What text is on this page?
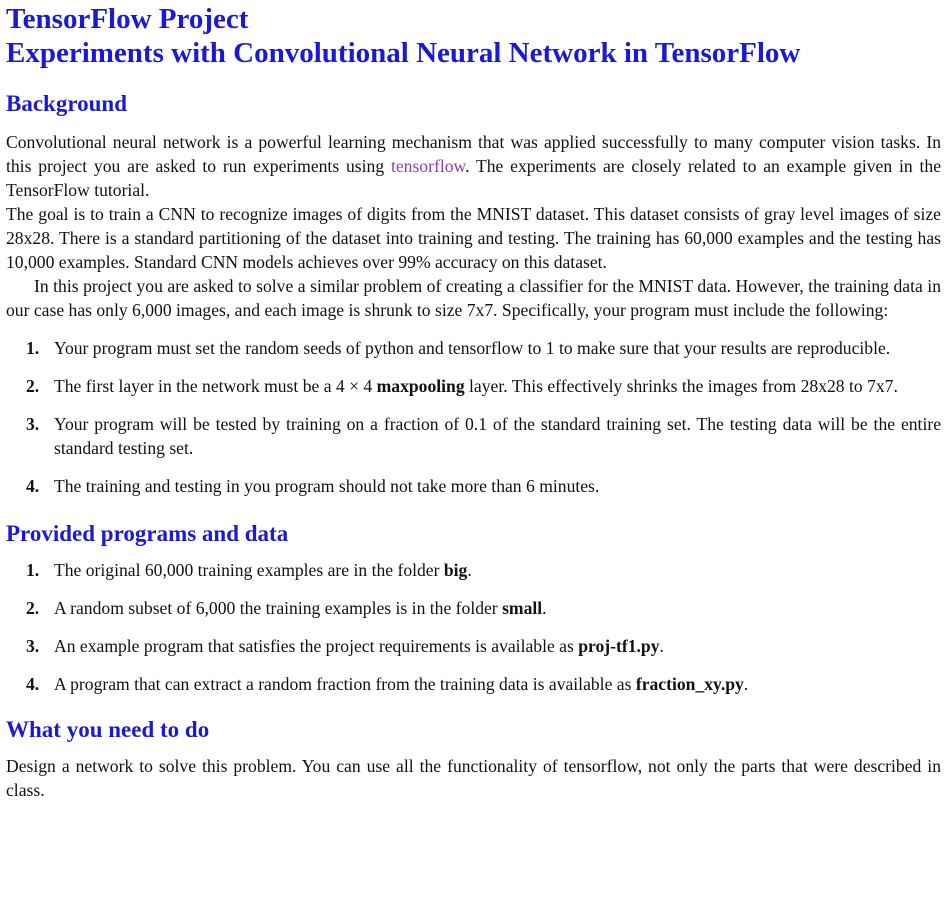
TensorFlow Project
Experiments with Convolutional Neural Network in TensorFlow
Background

Convolutional neural network is a powerful learning mechanism that was applied successfully to many computer vision tasks. In this project you are asked to run experiments using tensorflow. The experiments are closely related to an example given in the TensorFlow tutorial.

The goal is to train a CNN to recognize images of digits from the MNIST dataset. This dataset consists of gray level images of size 28x28. There is a standard partitioning of the dataset into training and testing. The training has 60,000 examples and the testing has 10,000 examples. Standard CNN models achieves over 99% accuracy on this dataset.

In this project you are asked to solve a similar problem of creating a classifier for the MNIST data. However, the training data in our case has only 6,000 images, and each image is shrunk to size 7x7. Specifically, your program must include the following:

1. Your program must set the random seeds of python and tensorflow to 1 to make sure that your results are reproducible.
2. The first layer in the network must be a 4 × 4 maxpooling layer. This effectively shrinks the images from 28x28 to 7x7.
3. Your program will be tested by training on a fraction of 0.1 of the standard training set. The testing data will be the entire standard testing set.
4. The training and testing in you program should not take more than 6 minutes.
Provided programs and data
1. The original 60,000 training examples are in the folder big.
2. A random subset of 6,000 the training examples is in the folder small.
3. An example program that satisfies the project requirements is available as proj-tf1.py.
4. A program that can extract a random fraction from the training data is available as fraction_xy.py.
What you need to do

Design a network to solve this problem. You can use all the functionality of tensorflow, not only the parts that were described in class.
